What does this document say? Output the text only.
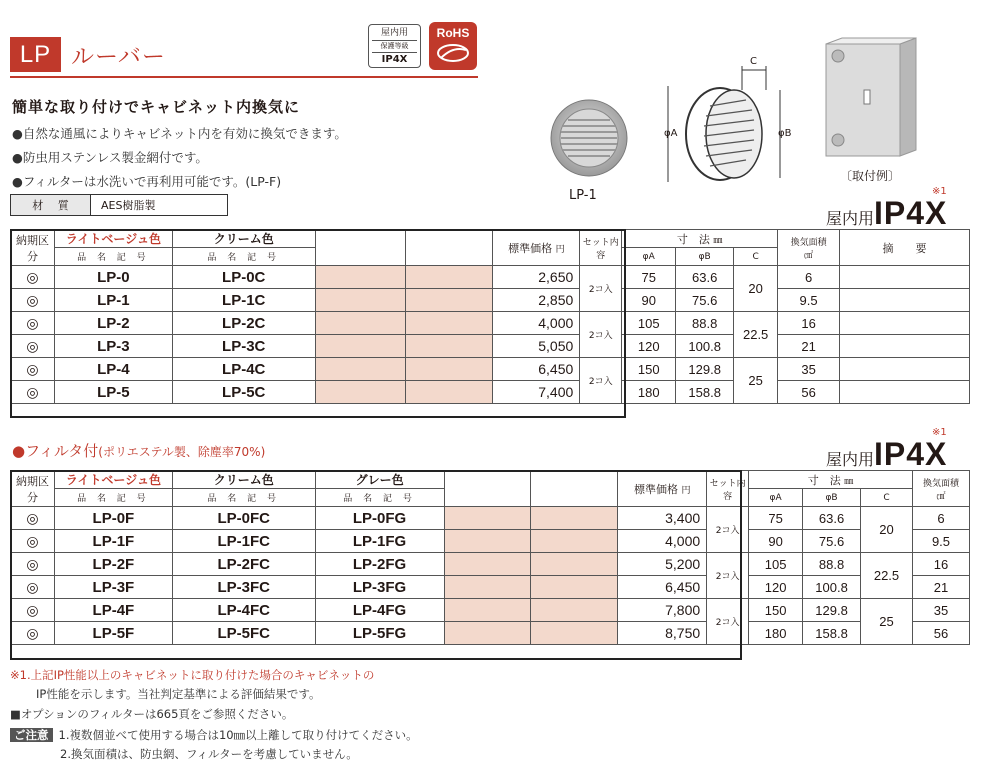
LP ルーバー
屋内用
保護等級
IP4X
RoHS
簡単な取り付けでキャビネット内換気に
●自然な通風によりキャビネット内を有効に換気できます。
●防虫用ステンレス製金網付です。
●フィルターは水洗いで再利用可能です。(LP-F)
材 質	AES樹脂製
LP-1
C
φA	φB
〔取付例〕
※1
屋内用 IP4X
納期区分	ライトベージュ色	クリーム色			標準価格 円	セット内 容	寸　法 ㎜			換気面積
㎠	摘　　要
	品 名 記 号	品 名 記 号					φA	φB	C		
◎	LP-0	LP-0C			2,650	2コ入	75	63.6	20	6	
◎	LP-1	LP-1C			2,850		90	75.6		9.5	
◎	LP-2	LP-2C			4,000	2コ入	105	88.8	22.5	16	
◎	LP-3	LP-3C			5,050		120	100.8		21	
◎	LP-4	LP-4C			6,450	2コ入	150	129.8	25	35	
◎	LP-5	LP-5C			7,400		180	158.8		56	
●フィルタ付(ポリエステル製、除塵率70%)
※1
屋内用 IP4X
納期区分	ライトベージュ色	クリーム色	グレー色			標準価格 円	セット内 容	寸　法 ㎜			換気面積
㎠

	品 名 記 号	品 名 記 号	品 名 記 号					φA	φB	C	
◎	LP-0F	LP-0FC	LP-0FG			3,400	2コ入	75	63.6	20	6
◎	LP-1F	LP-1FC	LP-1FG			4,000		90	75.6		9.5
◎	LP-2F	LP-2FC	LP-2FG			5,200	2コ入	105	88.8	22.5	16
◎	LP-3F	LP-3FC	LP-3FG			6,450		120	100.8		21
◎	LP-4F	LP-4FC	LP-4FG			7,800	2コ入	150	129.8	25	35
◎	LP-5F	LP-5FC	LP-5FG			8,750		180	158.8		56
※1.上記IP性能以上のキャビネットに取り付けた場合のキャビネットの
IP性能を示します。当社判定基準による評価結果です。
■オプションのフィルターは665頁をご参照ください。
ご注意 1.複数個並べて使用する場合は10㎜以上離して取り付けてください。
2.換気面積は、防虫網、フィルターを考慮していません。
